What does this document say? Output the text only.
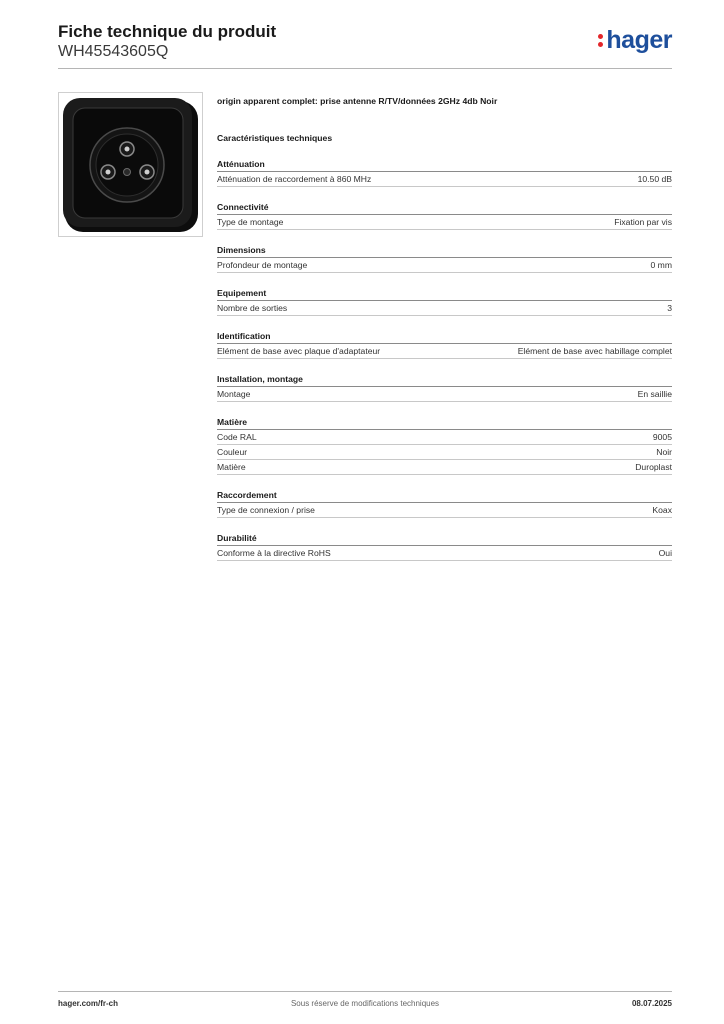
Fiche technique du produit
WH45543605Q	hager
origin apparent complet: prise antenne R/TV/données 2GHz 4db Noir
Caractéristiques techniques
Atténuation
Atténuation de raccordement à 860 MHz	10.50 dB
Connectivité
Type de montage	Fixation par vis
Dimensions
Profondeur de montage	0 mm
Equipement
Nombre de sorties	3
Identification
Elément de base avec plaque d'adaptateur	Elément de base avec habillage complet
Installation, montage
Montage	En saillie
Matière
Code RAL	9005
Couleur	Noir
Matière	Duroplast
Raccordement
Type de connexion / prise	Koax
Durabilité
Conforme à la directive RoHS	Oui
hager.com/fr-ch	Sous réserve de modifications techniques	08.07.2025
